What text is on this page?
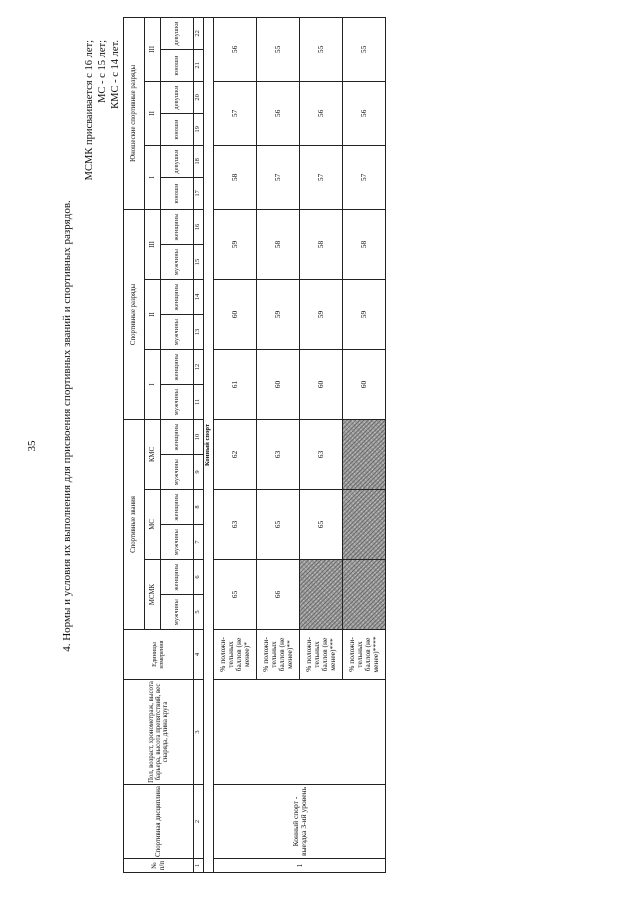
35 4. Нормы и условия их выполнения для присвоения спортивных званий и спортивных разрядов.
МСМК присваивается с 16 лет; МС - с 15 лет; КМС - с 14 лет.
№ п/п	Спортивная дисциплина	Пол, возраст, хронометраж, высота барьера, высота препятствий, вес снаряда, длина круга	Единицы измерения	Спортивные звания						Спортивные разряды						Юношеские спортивные разряды					
				МСМК		МС		КМС		I		II		III		I		II		III	
				мужчины	женщины	мужчины	женщины	мужчины	женщины	мужчины	женщины	мужчины	женщины	мужчины	женщины	юноши	девушки	юноши	девушки	юноши	девушки
1	2	3	4	5	6	7	8	9	10	11	12	13	14	15	16	17	18	19	20	21	22
Конный спорт																					
1	Конный спорт - выездка 3-ий уровень		% положи-тельных баллов (не менее)*	65		63		62		61		60		59		58		57		56	
			% положи-тельных баллов (не менее)**	66		65		63		60		59		58		57		56		55	
			% положи-тельных баллов (не менее)***			65		63		60		59		58		57		56		55	
			% положи-тельных баллов (не менее)****							60		59		58		57		56		55	
